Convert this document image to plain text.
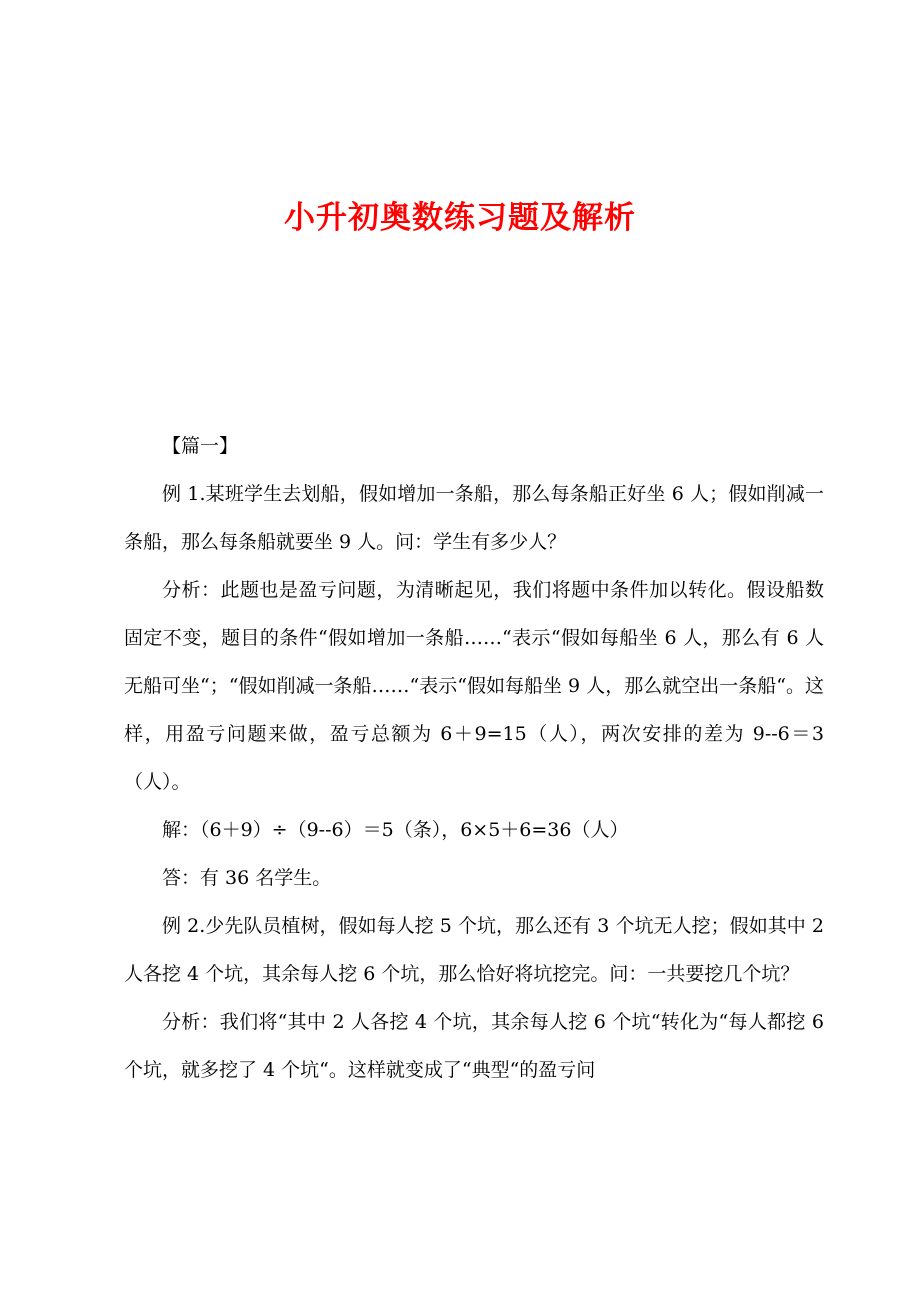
小升初奥数练习题及解析

【篇一】

例 1.某班学生去划船，假如增加一条船，那么每条船正好坐 6 人；假如削减一条船，那么每条船就要坐 9 人。问：学生有多少人？

分析：此题也是盈亏问题，为清晰起见，我们将题中条件加以转化。假设船数固定不变，题目的条件“假如增加一条船……“表示“假如每船坐 6 人，那么有 6 人无船可坐“；“假如削减一条船……“表示“假如每船坐 9 人，那么就空出一条船“。这样，用盈亏问题来做，盈亏总额为 6＋9=15（人），两次安排的差为 9--6＝3（人）。

解：（6＋9）÷（9--6）＝5（条），6×5＋6=36（人）

答：有 36 名学生。

例 2.少先队员植树，假如每人挖 5 个坑，那么还有 3 个坑无人挖；假如其中 2 人各挖 4 个坑，其余每人挖 6 个坑，那么恰好将坑挖完。问：一共要挖几个坑？

分析：我们将“其中 2 人各挖 4 个坑，其余每人挖 6 个坑“转化为“每人都挖 6 个坑，就多挖了 4 个坑“。这样就变成了“典型“的盈亏问
